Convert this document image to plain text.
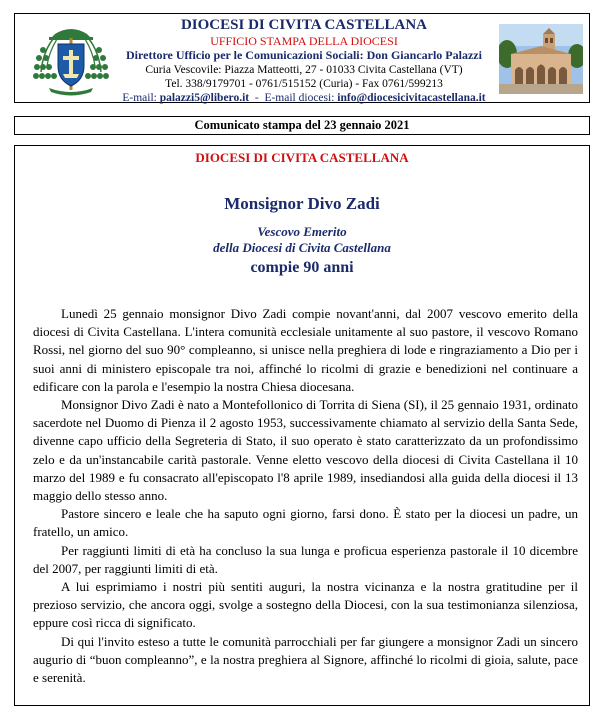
DIOCESI DI CIVITA CASTELLANA
UFFICIO STAMPA DELLA DIOCESI
Direttore Ufficio per le Comunicazioni Sociali: Don Giancarlo Palazzi
Curia Vescovile: Piazza Matteotti, 27 - 01033 Civita Castellana (VT)
Tel. 338/9179701 - 0761/515152 (Curia) - Fax 0761/599213
E-mail: palazzi5@libero.it  -  E-mail diocesi: info@diocesicivitacastellana.it
Comunicato stampa del 23 gennaio 2021
DIOCESI DI CIVITA CASTELLANA
Monsignor Divo Zadi
Vescovo Emerito
della Diocesi di Civita Castellana
compie 90 anni

Lunedì 25 gennaio monsignor Divo Zadi compie novant'anni, dal 2007 vescovo emerito della diocesi di Civita Castellana. L'intera comunità ecclesiale unitamente al suo pastore, il vescovo Romano Rossi, nel giorno del suo 90° compleanno, si unisce nella preghiera di lode e ringraziamento a Dio per i suoi anni di ministero episcopale tra noi, affinché lo ricolmi di grazie e benedizioni nel continuare a edificare con la parola e l'esempio la nostra Chiesa diocesana.

Monsignor Divo Zadi è nato a Montefollonico di Torrita di Siena (SI), il 25 gennaio 1931, ordinato sacerdote nel Duomo di Pienza il 2 agosto 1953, successivamente chiamato al servizio della Santa Sede, divenne capo ufficio della Segreteria di Stato, il suo operato è stato caratterizzato da un profondissimo zelo e da un'instancabile carità pastorale. Venne eletto vescovo della diocesi di Civita Castellana il 10 marzo del 1989 e fu consacrato all'episcopato l'8 aprile 1989, insediandosi alla guida della diocesi il 13 maggio dello stesso anno.

Pastore sincero e leale che ha saputo ogni giorno, farsi dono. È stato per la diocesi un padre, un fratello, un amico.

Per raggiunti limiti di età ha concluso la sua lunga e proficua esperienza pastorale il 10 dicembre del 2007, per raggiunti limiti di età.

A lui esprimiamo i nostri più sentiti auguri, la nostra vicinanza e la nostra gratitudine per il prezioso servizio, che ancora oggi, svolge a sostegno della Diocesi, con la sua testimonianza silenziosa, eppure così ricca di significato.

Di qui l'invito esteso a tutte le comunità parrocchiali per far giungere a monsignor Zadi un sincero augurio di “buon compleanno”, e la nostra preghiera al Signore, affinché lo ricolmi di gioia, salute, pace e serenità.
